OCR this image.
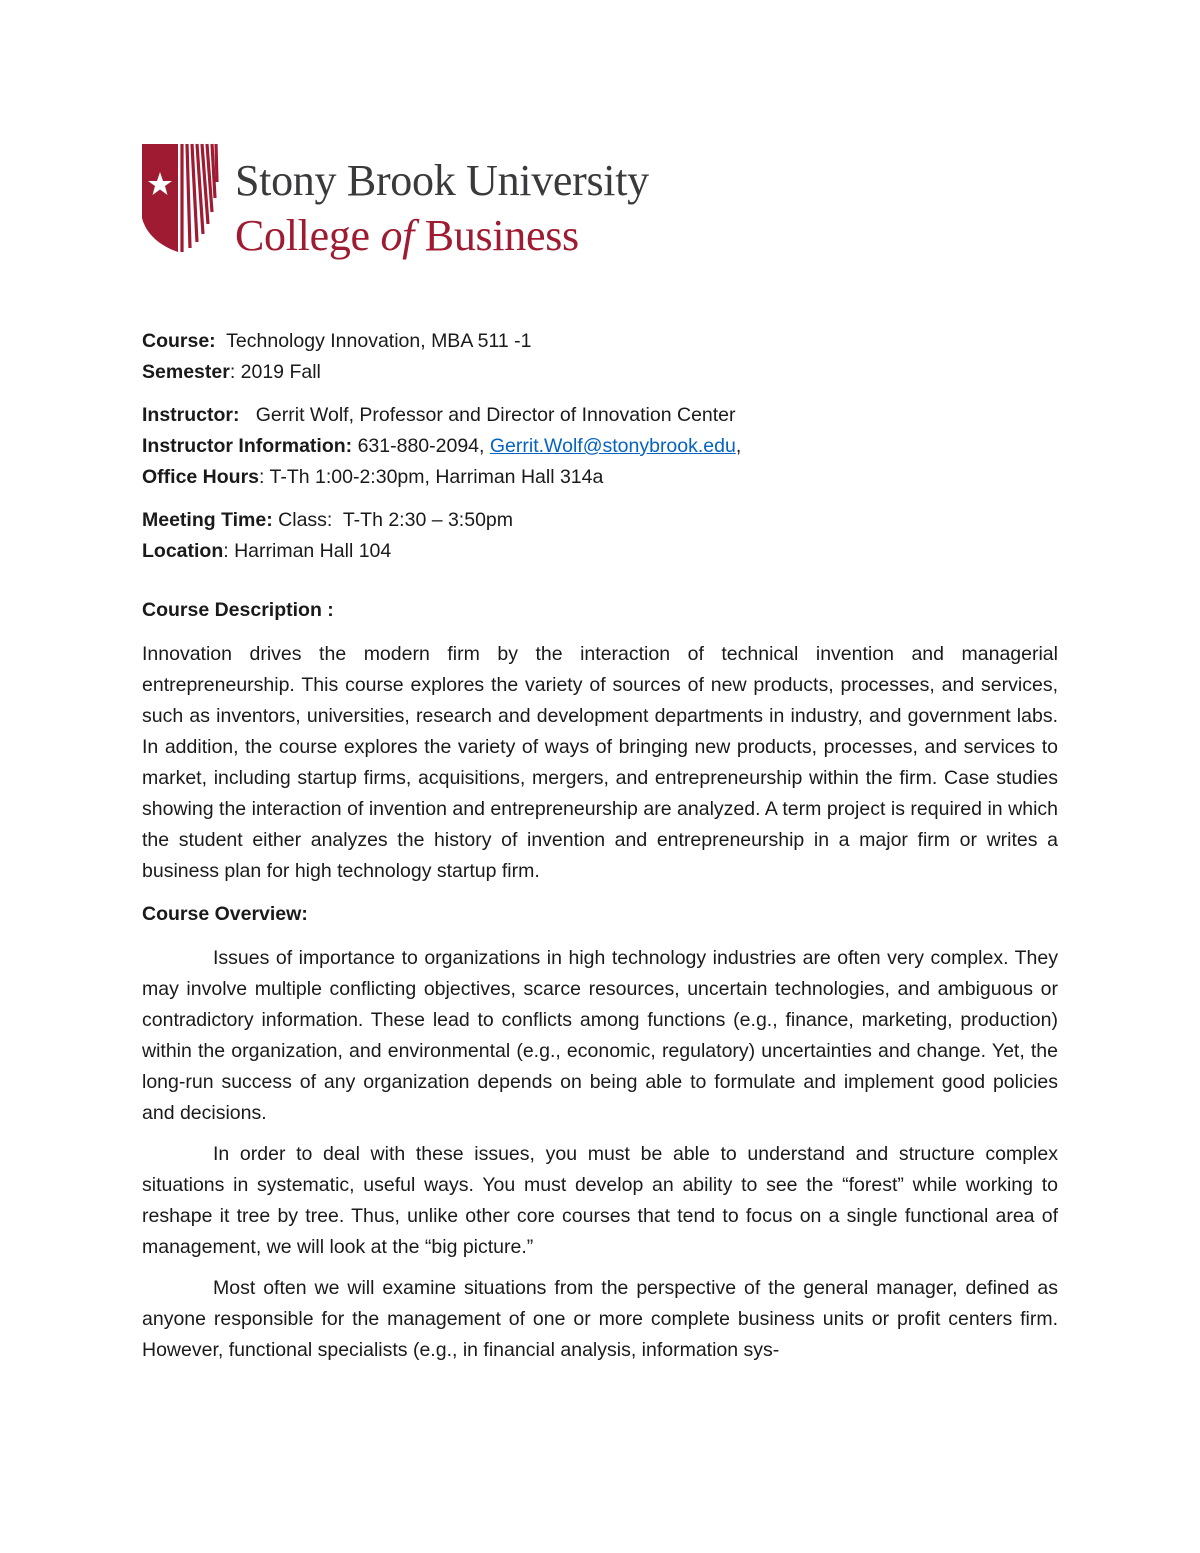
Stony Brook University
College of Business
Course:  Technology Innovation, MBA 511 -1
Semester: 2019 Fall
Instructor:   Gerrit Wolf, Professor and Director of Innovation Center
Instructor Information: 631-880-2094, Gerrit.Wolf@stonybrook.edu,
Office Hours: T-Th 1:00-2:30pm, Harriman Hall 314a
Meeting Time: Class:  T-Th 2:30 – 3:50pm
Location: Harriman Hall 104
Course Description :
Innovation drives the modern firm by the interaction of technical invention and managerial entrepreneurship. This course explores the variety of sources of new products, processes, and services, such as inventors, universities, research and development departments in industry, and government labs. In addition, the course explores the variety of ways of bringing new products, processes, and services to market, including startup firms, acquisitions, mergers, and entrepreneurship within the firm. Case studies showing the interaction of invention and entrepreneurship are analyzed. A term project is required in which the student either analyzes the history of invention and entrepreneurship in a major firm or writes a business plan for high technology startup firm.
Course Overview:
Issues of importance to organizations in high technology industries are often very complex. They may involve multiple conflicting objectives, scarce resources, uncertain technologies, and ambiguous or contradictory information. These lead to conflicts among functions (e.g., finance, marketing, production) within the organization, and environmental (e.g., economic, regulatory) uncertainties and change. Yet, the long-run success of any organization depends on being able to formulate and implement good policies and decisions.
In order to deal with these issues, you must be able to understand and structure complex situations in systematic, useful ways. You must develop an ability to see the “forest” while working to reshape it tree by tree. Thus, unlike other core courses that tend to focus on a single functional area of management, we will look at the “big picture.”
Most often we will examine situations from the perspective of the general manager, defined as anyone responsible for the management of one or more complete business units or profit centers firm. However, functional specialists (e.g., in financial analysis, information sys-
